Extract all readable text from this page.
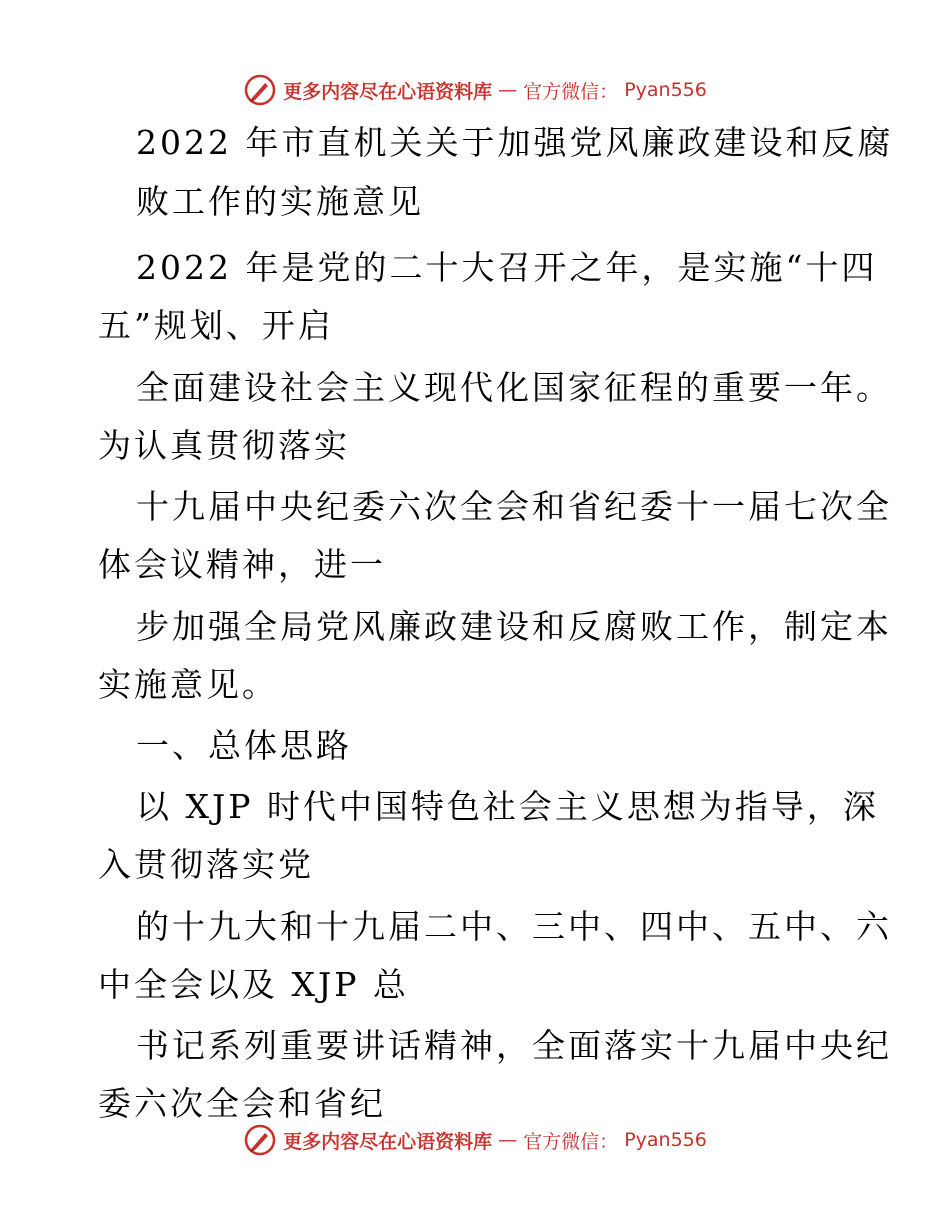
更多内容尽在心语资料库 — 官方微信： Pyan556
2022 年市直机关关于加强党风廉政建设和反腐
败工作的实施意见
2022 年是党的二十大召开之年，是实施“十四
五”规划、开启
全面建设社会主义现代化国家征程的重要一年。
为认真贯彻落实
十九届中央纪委六次全会和省纪委十一届七次全
体会议精神，进一
步加强全局党风廉政建设和反腐败工作，制定本
实施意见。
一、总体思路
以 XJP 时代中国特色社会主义思想为指导，深
入贯彻落实党
的十九大和十九届二中、三中、四中、五中、六
中全会以及 XJP 总
书记系列重要讲话精神，全面落实十九届中央纪
委六次全会和省纪
更多内容尽在心语资料库 — 官方微信： Pyan556
